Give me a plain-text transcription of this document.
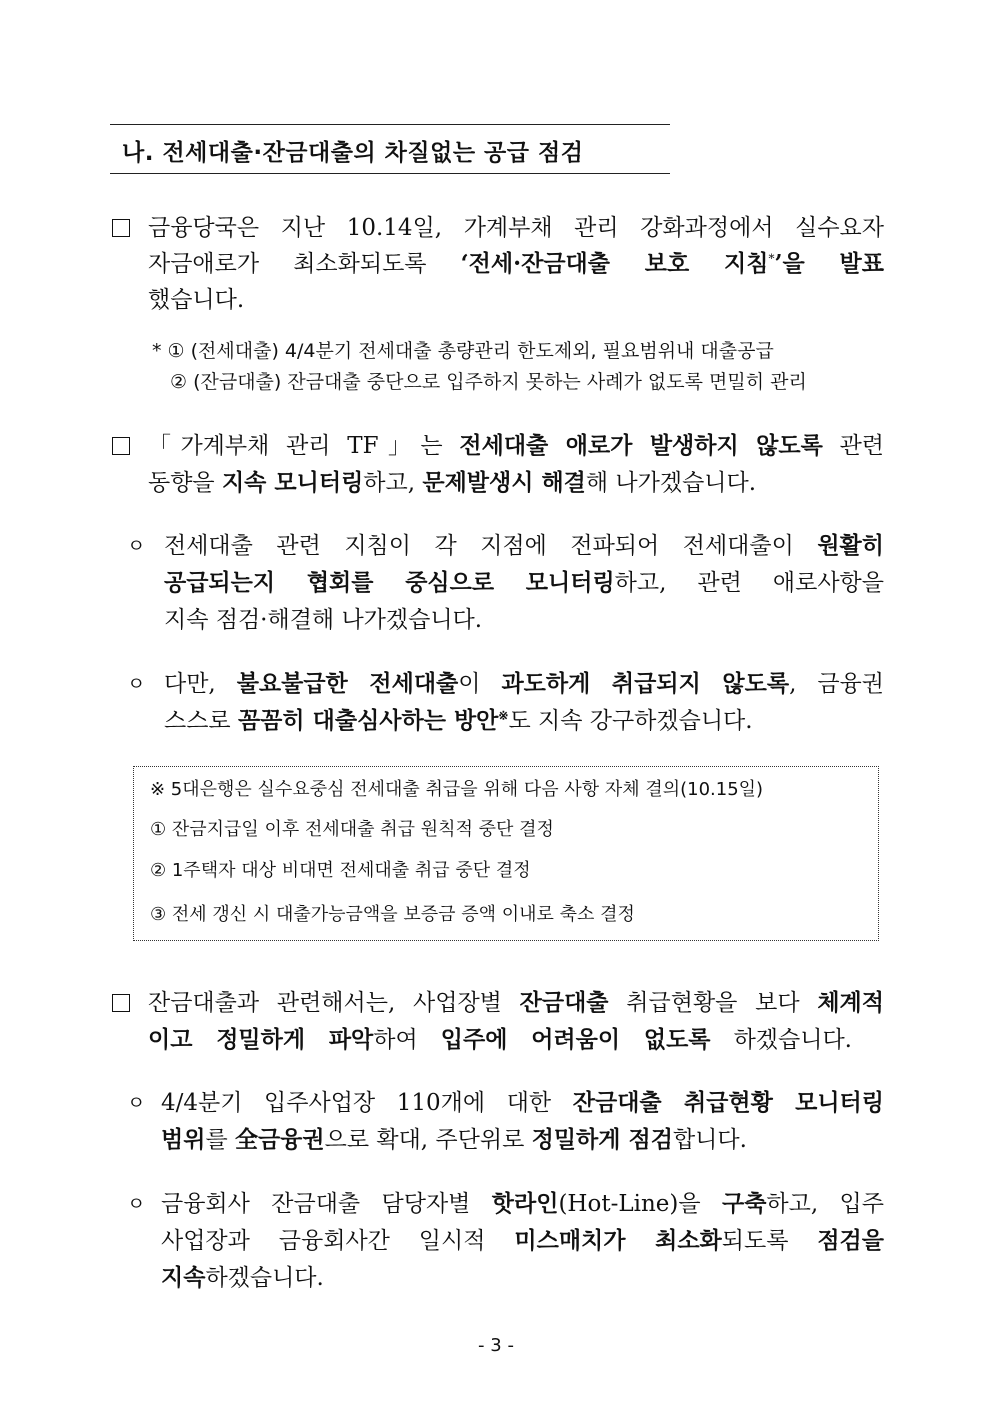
나. 전세대출·잔금대출의 차질없는 공급 점검
금융당국은 지난 10.14일, 가계부채 관리 강화과정에서 실수요자
자금애로가 최소화되도록 ‘전세·잔금대출 보호 지침*’을 발표
했습니다.
* ① (전세대출) 4/4분기 전세대출 총량관리 한도제외, 필요범위내 대출공급
② (잔금대출) 잔금대출 중단으로 입주하지 못하는 사례가 없도록 면밀히 관리
「가계부채 관리 TF」는 전세대출 애로가 발생하지 않도록 관련
동향을 지속 모니터링하고, 문제발생시 해결해 나가겠습니다.
ㅇ 전세대출 관련 지침이 각 지점에 전파되어 전세대출이 원활히
공급되는지 협회를 중심으로 모니터링하고, 관련 애로사항을
지속 점검·해결해 나가겠습니다.
ㅇ 다만, 불요불급한 전세대출이 과도하게 취급되지 않도록, 금융권
스스로 꼼꼼히 대출심사하는 방안※도 지속 강구하겠습니다.
※ 5대은행은 실수요중심 전세대출 취급을 위해 다음 사항 자체 결의(10.15일)
① 잔금지급일 이후 전세대출 취급 원칙적 중단 결정
② 1주택자 대상 비대면 전세대출 취급 중단 결정
③ 전세 갱신 시 대출가능금액을 보증금 증액 이내로 축소 결정
잔금대출과 관련해서는, 사업장별 잔금대출 취급현황을 보다 체계적
이고 정밀하게 파악하여 입주에 어려움이 없도록 하겠습니다.
ㅇ 4/4분기 입주사업장 110개에 대한 잔금대출 취급현황 모니터링
범위를 全금융권으로 확대, 주단위로 정밀하게 점검합니다.
ㅇ 금융회사 잔금대출 담당자별 핫라인(Hot-Line)을 구축하고, 입주
사업장과 금융회사간 일시적 미스매치가 최소화되도록 점검을
지속하겠습니다.
- 3 -
